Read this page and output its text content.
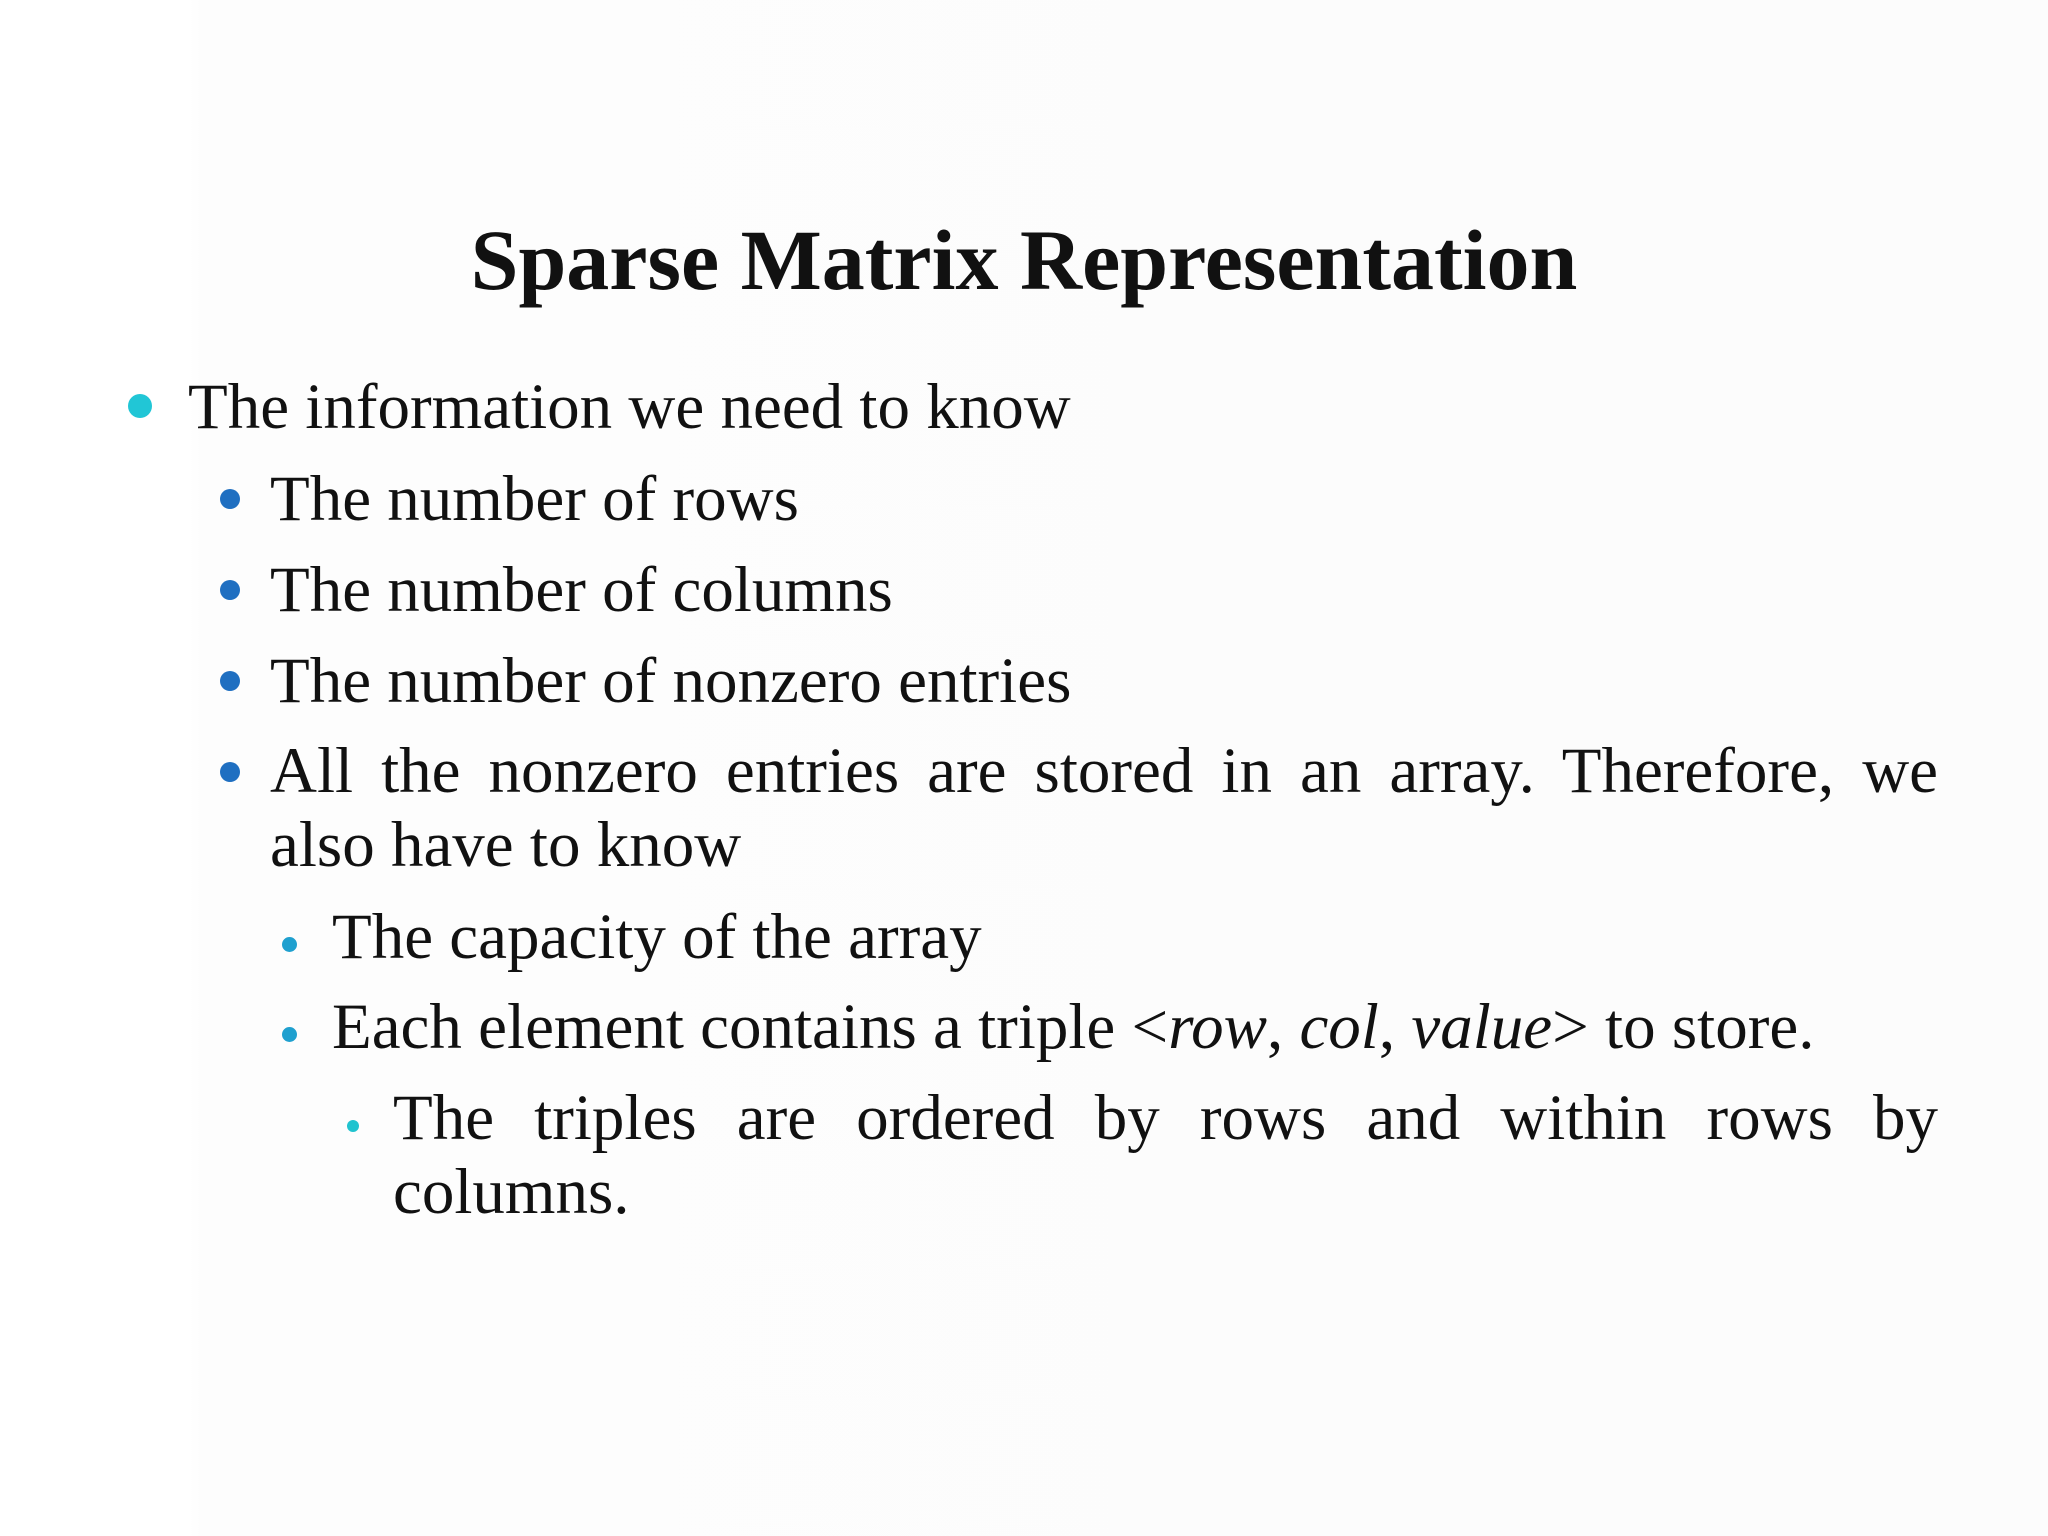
Sparse Matrix Representation

The information we need to know

The number of rows

The number of columns

The number of nonzero entries

All the nonzero entries are stored in an array. Therefore, we also have to know

The capacity of the array

Each element contains a triple <row, col, value> to store.

The triples are ordered by rows and within rows by columns.
